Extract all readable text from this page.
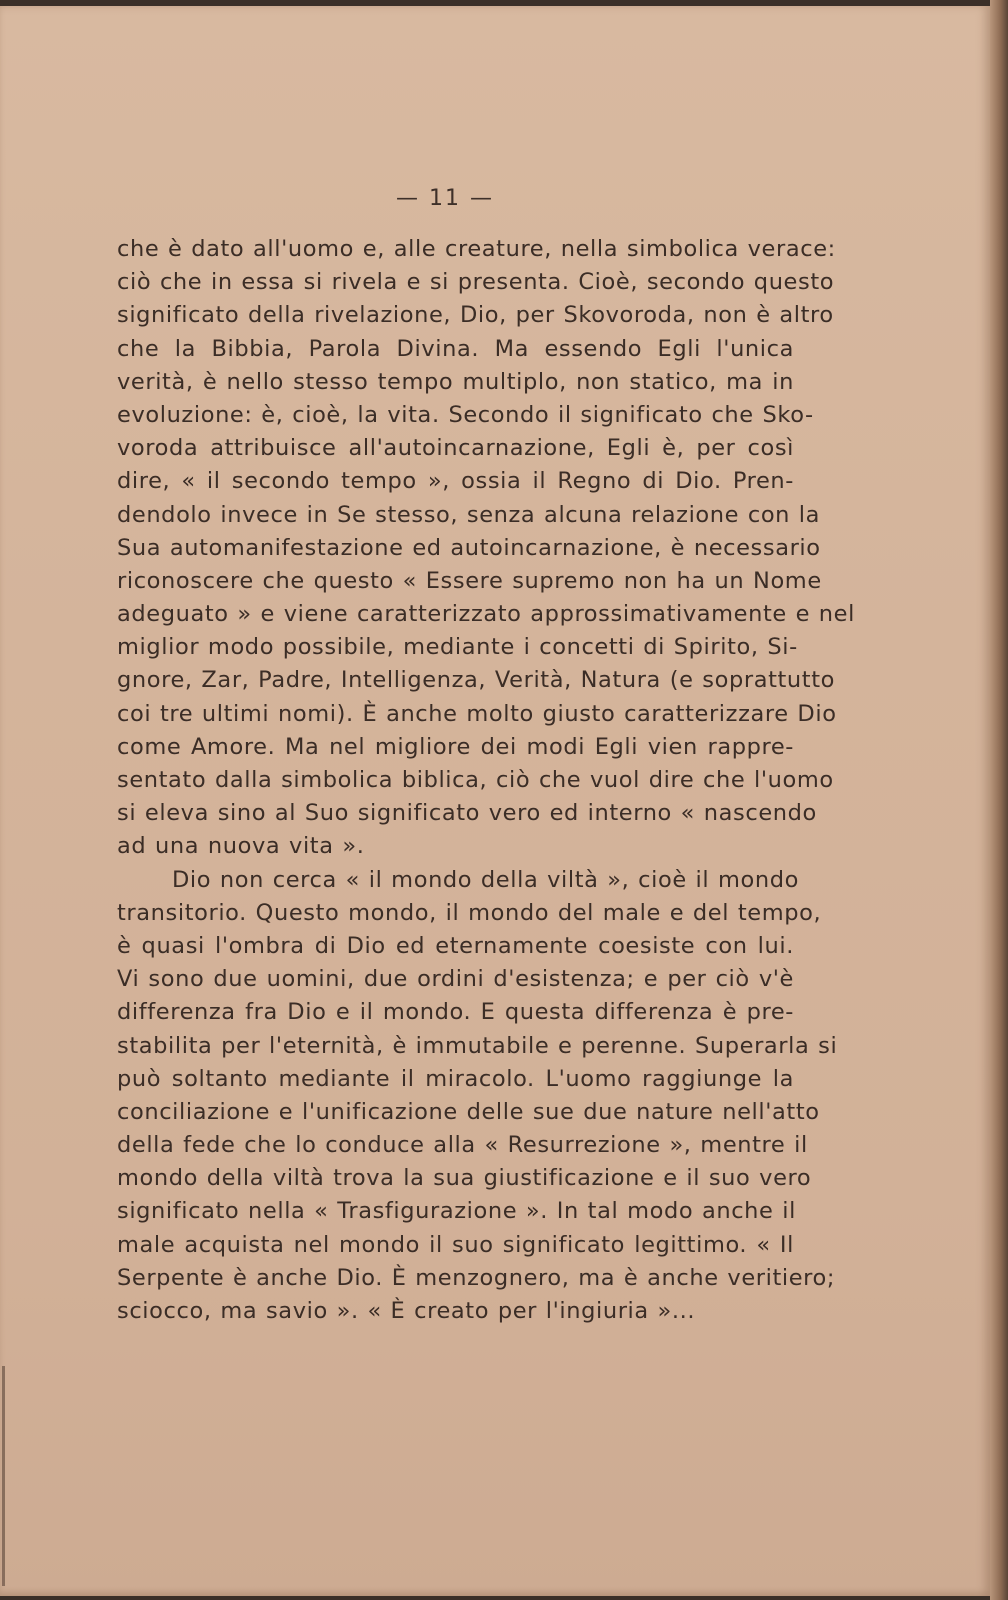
— 11 —
che è dato all'uomo e, alle creature, nella simbolica verace:
ciò che in essa si rivela e si presenta. Cioè, secondo questo
significato della rivelazione, Dio, per Skovoroda, non è altro
che la Bibbia, Parola Divina. Ma essendo Egli l'unica
verità, è nello stesso tempo multiplo, non statico, ma in
evoluzione: è, cioè, la vita. Secondo il significato che Sko-
voroda attribuisce all'autoincarnazione, Egli è, per così
dire, « il secondo tempo », ossia il Regno di Dio. Pren-
dendolo invece in Se stesso, senza alcuna relazione con la
Sua automanifestazione ed autoincarnazione, è necessario
riconoscere che questo « Essere supremo non ha un Nome
adeguato » e viene caratterizzato approssimativamente e nel
miglior modo possibile, mediante i concetti di Spirito, Si-
gnore, Zar, Padre, Intelligenza, Verità, Natura (e soprattutto
coi tre ultimi nomi). È anche molto giusto caratterizzare Dio
come Amore. Ma nel migliore dei modi Egli vien rappre-
sentato dalla simbolica biblica, ciò che vuol dire che l'uomo
si eleva sino al Suo significato vero ed interno « nascendo
ad una nuova vita ».
Dio non cerca « il mondo della viltà », cioè il mondo
transitorio. Questo mondo, il mondo del male e del tempo,
è quasi l'ombra di Dio ed eternamente coesiste con lui.
Vi sono due uomini, due ordini d'esistenza; e per ciò v'è
differenza fra Dio e il mondo. E questa differenza è pre-
stabilita per l'eternità, è immutabile e perenne. Superarla si
può soltanto mediante il miracolo. L'uomo raggiunge la
conciliazione e l'unificazione delle sue due nature nell'atto
della fede che lo conduce alla « Resurrezione », mentre il
mondo della viltà trova la sua giustificazione e il suo vero
significato nella « Trasfigurazione ». In tal modo anche il
male acquista nel mondo il suo significato legittimo. « Il
Serpente è anche Dio. È menzognero, ma è anche veritiero;
sciocco, ma savio ». « È creato per l'ingiuria »...
